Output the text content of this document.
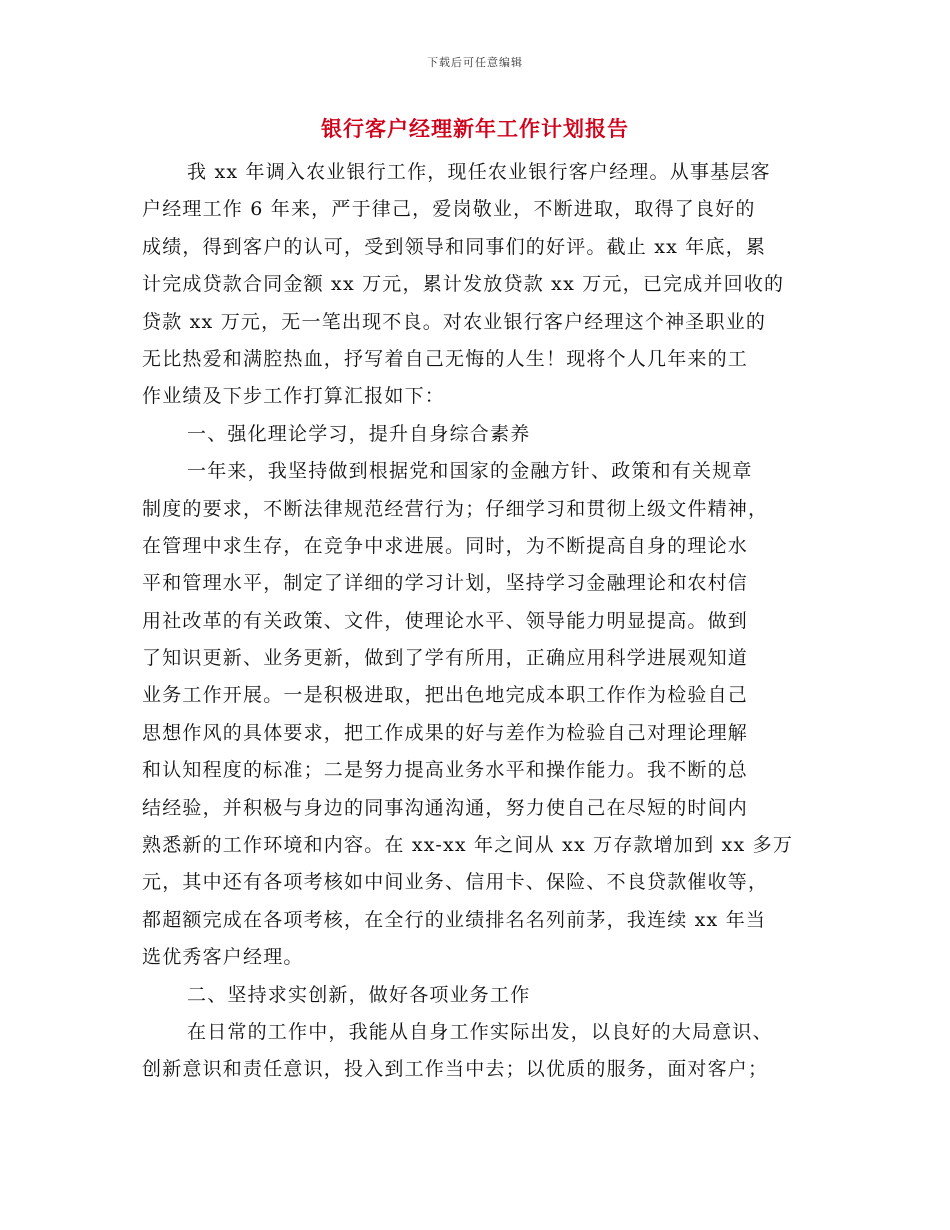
下载后可任意编辑
银行客户经理新年工作计划报告
我 xx 年调入农业银行工作，现任农业银行客户经理。从事基层客
户经理工作 6 年来，严于律己，爱岗敬业，不断进取，取得了良好的
成绩，得到客户的认可，受到领导和同事们的好评。截止 xx 年底，累
计完成贷款合同金额 xx 万元，累计发放贷款 xx 万元，已完成并回收的
贷款 xx 万元，无一笔出现不良。对农业银行客户经理这个神圣职业的
无比热爱和满腔热血，抒写着自己无悔的人生！现将个人几年来的工
作业绩及下步工作打算汇报如下：
一、强化理论学习，提升自身综合素养
一年来，我坚持做到根据党和国家的金融方针、政策和有关规章
制度的要求，不断法律规范经营行为；仔细学习和贯彻上级文件精神，
在管理中求生存，在竞争中求进展。同时，为不断提高自身的理论水
平和管理水平，制定了详细的学习计划，坚持学习金融理论和农村信
用社改革的有关政策、文件，使理论水平、领导能力明显提高。做到
了知识更新、业务更新，做到了学有所用，正确应用科学进展观知道
业务工作开展。一是积极进取，把出色地完成本职工作作为检验自己
思想作风的具体要求，把工作成果的好与差作为检验自己对理论理解
和认知程度的标准；二是努力提高业务水平和操作能力。我不断的总
结经验，并积极与身边的同事沟通沟通，努力使自己在尽短的时间内
熟悉新的工作环境和内容。在 xx-xx 年之间从 xx 万存款增加到 xx 多万
元，其中还有各项考核如中间业务、信用卡、保险、不良贷款催收等，
都超额完成在各项考核，在全行的业绩排名名列前茅，我连续 xx 年当
选优秀客户经理。
二、坚持求实创新，做好各项业务工作
在日常的工作中，我能从自身工作实际出发，以良好的大局意识、
创新意识和责任意识，投入到工作当中去；以优质的服务，面对客户；
